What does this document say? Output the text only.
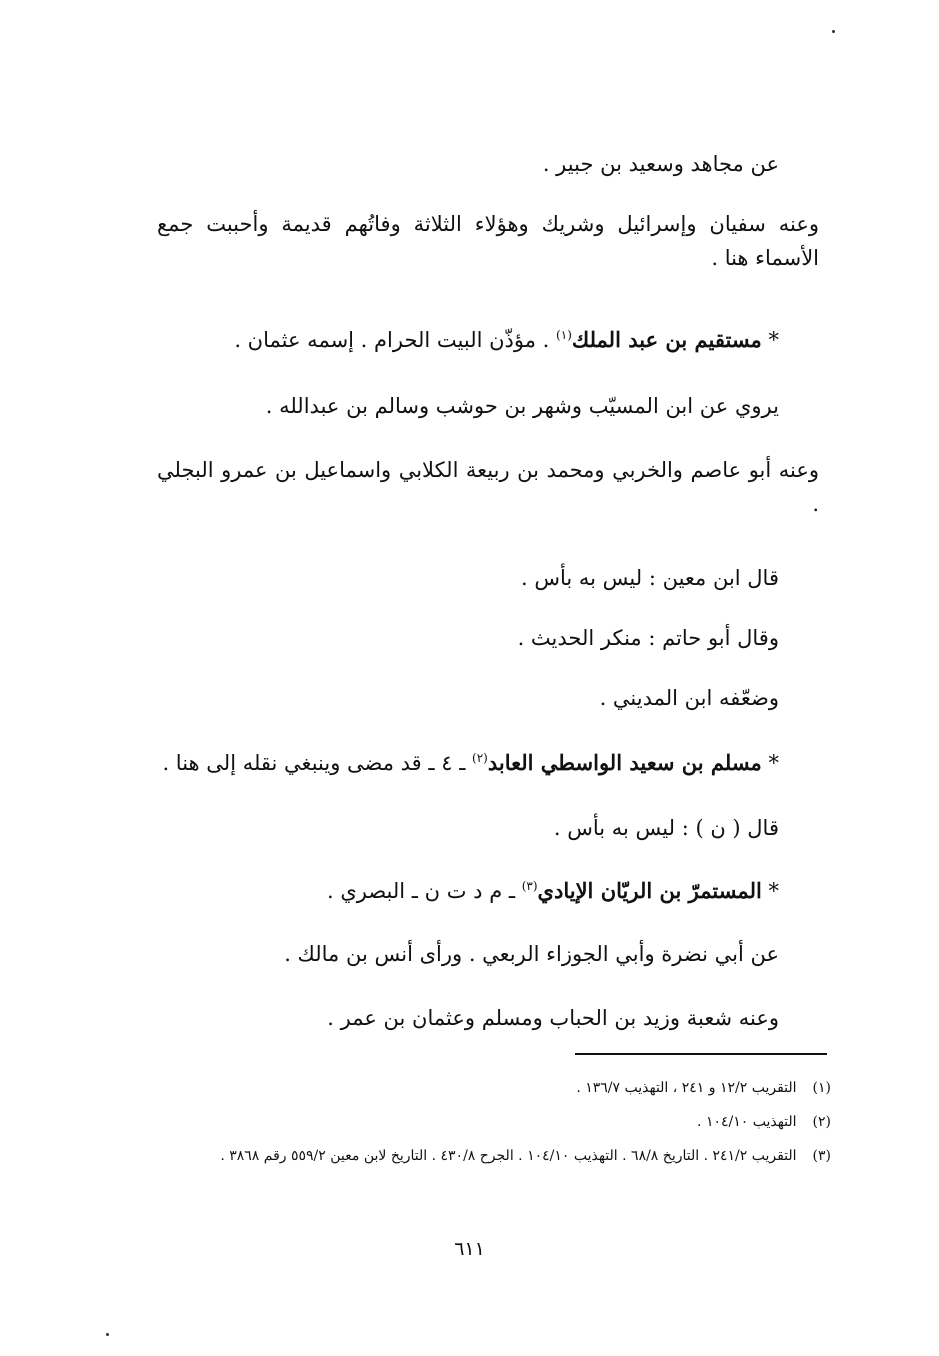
عن مجاهد وسعيد بن جبير .
وعنه سفيان وإسرائيل وشريك وهؤلاء الثلاثة وفاتُهم قديمة وأحببت جمع الأسماء هنا .
* مستقيم بن عبد الملك$^{(١)}$ . مؤذّن البيت الحرام . إسمه عثمان .
يروي عن ابن المسيّب وشهر بن حوشب وسالم بن عبدالله .
وعنه أبو عاصم والخربي ومحمد بن ربيعة الكلابي واسماعيل بن عمرو البجلي .
قال ابن معين : ليس به بأس .
وقال أبو حاتم : منكر الحديث .
وضعّفه ابن المديني .
* مسلم بن سعيد الواسطي العابد$^{(٢)}$ ـ ٤ ـ قد مضى وينبغي نقله إلى هنا .
قال ( ن ) : ليس به بأس .
* المستمرّ بن الريّان الإيادي$^{(٣)}$ ـ م د ت ن ـ البصري .
عن أبي نضرة وأبي الجوزاء الربعي . ورأى أنس بن مالك .
وعنه شعبة وزيد بن الحباب ومسلم وعثمان بن عمر .
(١) التقريب ١٢/٢ و ٢٤١ ، التهذيب ١٣٦/٧ .
(٢) التهذيب ١٠٤/١٠ .
(٣) التقريب ٢٤١/٢ . التاريخ ٦٨/٨ . التهذيب ١٠٤/١٠ . الجرح ٤٣٠/٨ . التاريخ لابن معين ٥٥٩/٢ رقم ٣٨٦٨ .
٦١١
